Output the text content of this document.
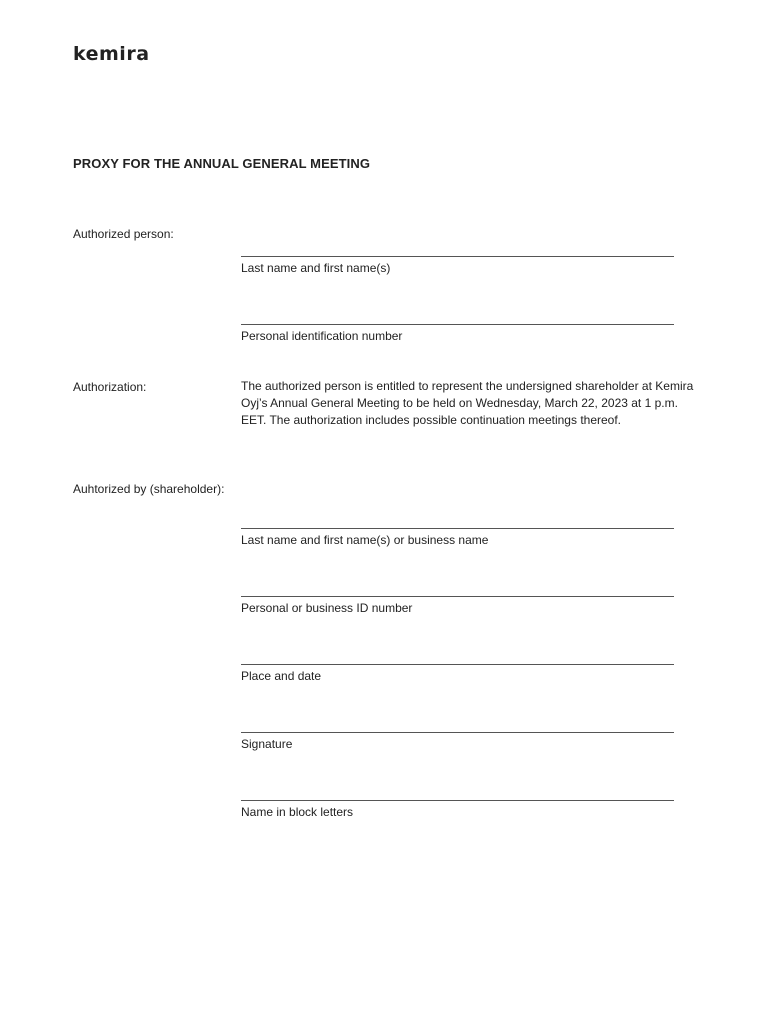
kemira
PROXY FOR THE ANNUAL GENERAL MEETING
Authorized person:
Last name and first name(s)
Personal identification number
Authorization:	The authorized person is entitled to represent the undersigned shareholder at Kemira Oyj’s Annual General Meeting to be held on Wednesday, March 22, 2023 at 1 p.m. EET. The authorization includes possible continuation meetings thereof.
Auhtorized by (shareholder):
Last name and first name(s) or business name
Personal or business ID number
Place and date
Signature
Name in block letters
